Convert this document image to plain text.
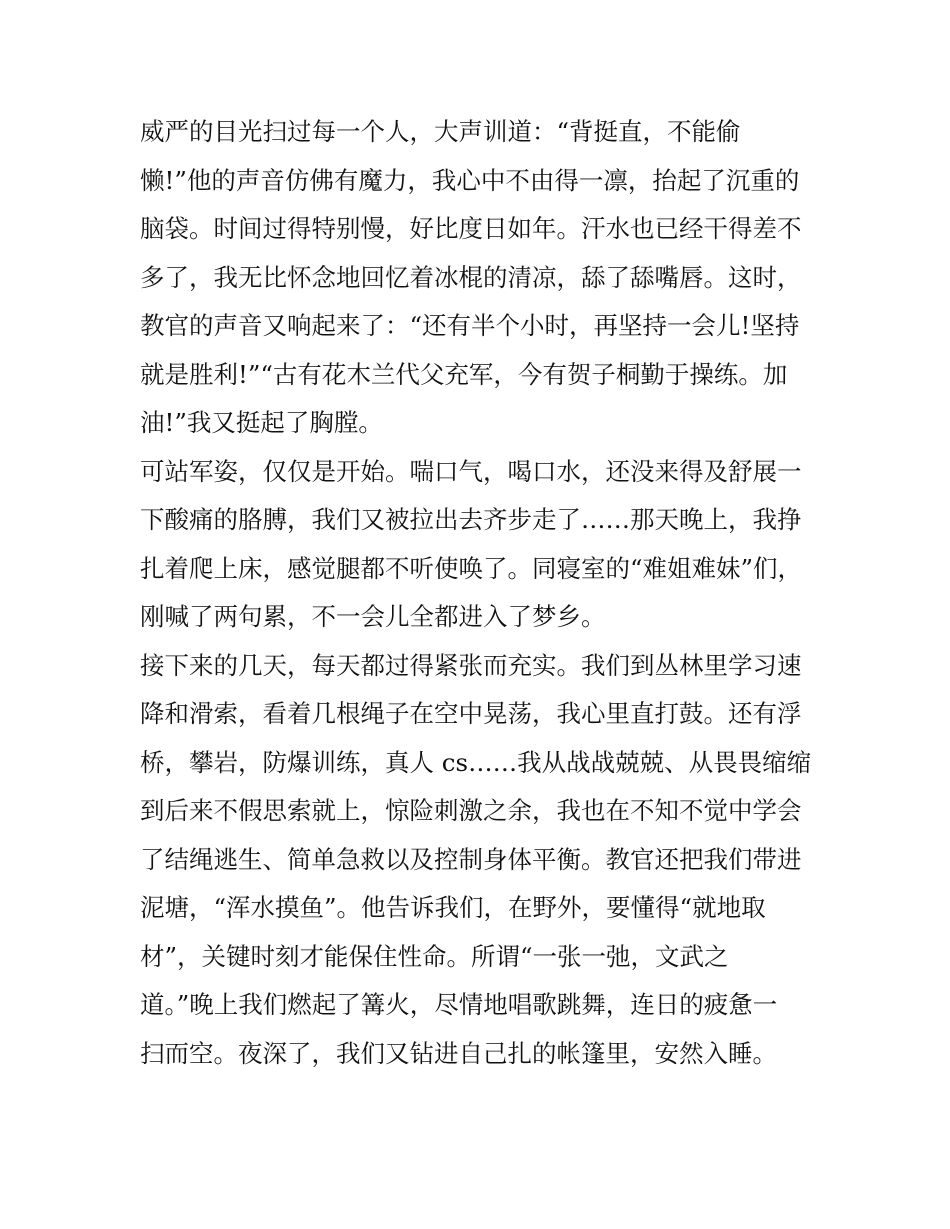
威严的目光扫过每一个人，大声训道：“背挺直，不能偷
懒!”他的声音仿佛有魔力，我心中不由得一凛，抬起了沉重的
脑袋。时间过得特别慢，好比度日如年。汗水也已经干得差不
多了，我无比怀念地回忆着冰棍的清凉，舔了舔嘴唇。这时，
教官的声音又响起来了：“还有半个小时，再坚持一会儿!坚持
就是胜利!”“古有花木兰代父充军，今有贺子桐勤于操练。加
油!”我又挺起了胸膛。
可站军姿，仅仅是开始。喘口气，喝口水，还没来得及舒展一
下酸痛的胳膊，我们又被拉出去齐步走了……那天晚上，我挣
扎着爬上床，感觉腿都不听使唤了。同寝室的“难姐难妹”们，
刚喊了两句累，不一会儿全都进入了梦乡。
接下来的几天，每天都过得紧张而充实。我们到丛林里学习速
降和滑索，看着几根绳子在空中晃荡，我心里直打鼓。还有浮
桥，攀岩，防爆训练，真人 cs……我从战战兢兢、从畏畏缩缩
到后来不假思索就上，惊险刺激之余，我也在不知不觉中学会
了结绳逃生、简单急救以及控制身体平衡。教官还把我们带进
泥塘，“浑水摸鱼”。他告诉我们，在野外，要懂得“就地取
材”，关键时刻才能保住性命。所谓“一张一弛，文武之
道。”晚上我们燃起了篝火，尽情地唱歌跳舞，连日的疲惫一
扫而空。夜深了，我们又钻进自己扎的帐篷里，安然入睡。
